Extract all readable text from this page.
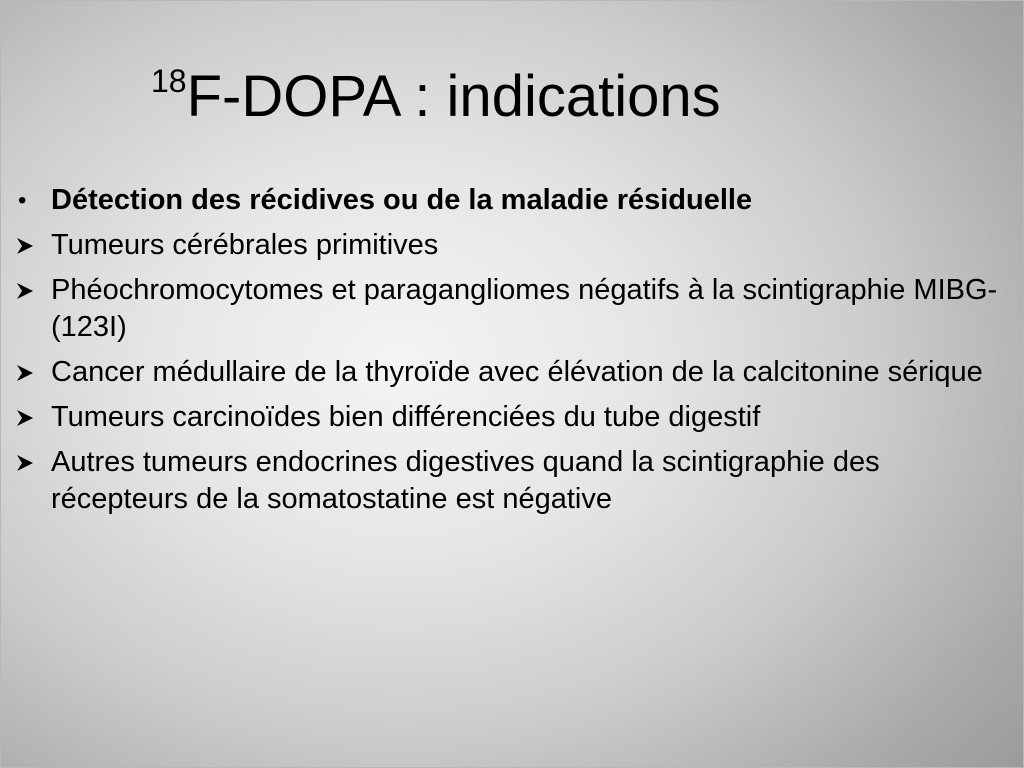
$^{18}$F-DOPA : indications
• Détection des récidives ou de la maladie résiduelle
Tumeurs cérébrales primitives
Phéochromocytomes et paragangliomes négatifs à la scintigraphie MIBG-(123I)
Cancer médullaire de la thyroïde avec élévation de la calcitonine sérique
Tumeurs carcinoïdes bien différenciées du tube digestif
Autres tumeurs endocrines digestives quand la scintigraphie des récepteurs de la somatostatine est négative
